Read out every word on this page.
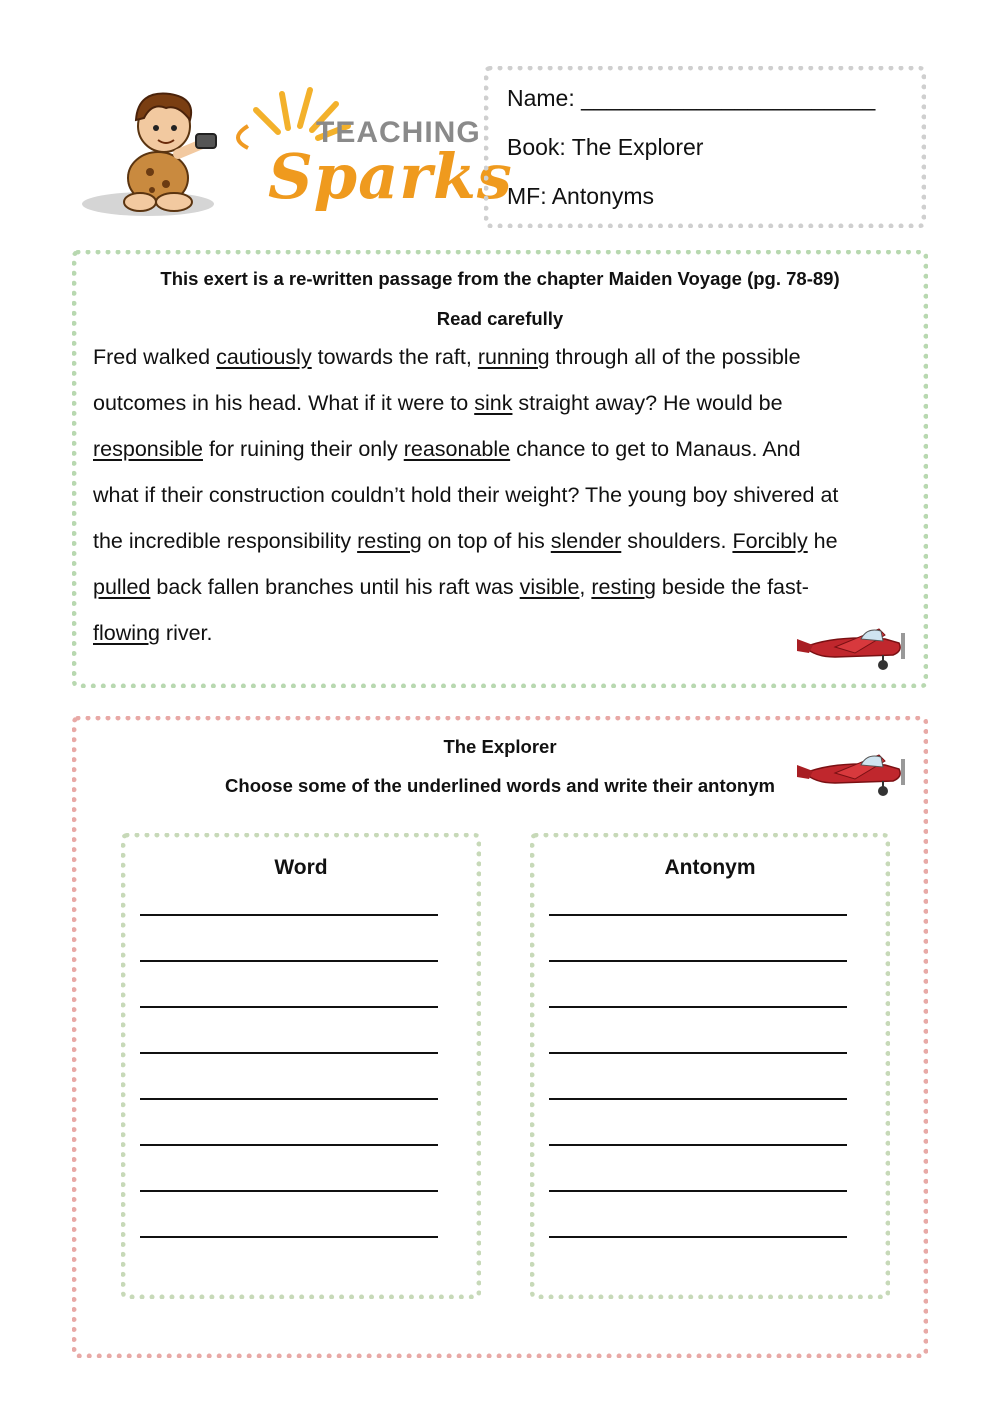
TEACHING
Sparks
Name: _______________________
Book: The Explorer
MF: Antonyms
This exert is a re-written passage from the chapter Maiden Voyage (pg. 78-89)
Read carefully
Fred walked cautiously towards the raft, running through all of the possible
outcomes in his head. What if it were to sink straight away? He would be
responsible for ruining their only reasonable chance to get to Manaus. And
what if their construction couldn’t hold their weight? The young boy shivered at
the incredible responsibility resting on top of his slender shoulders. Forcibly he
pulled back fallen branches until his raft was visible, resting beside the fast-
flowing river.
The Explorer
Choose some of the underlined words and write their antonym
Word	Antonym
